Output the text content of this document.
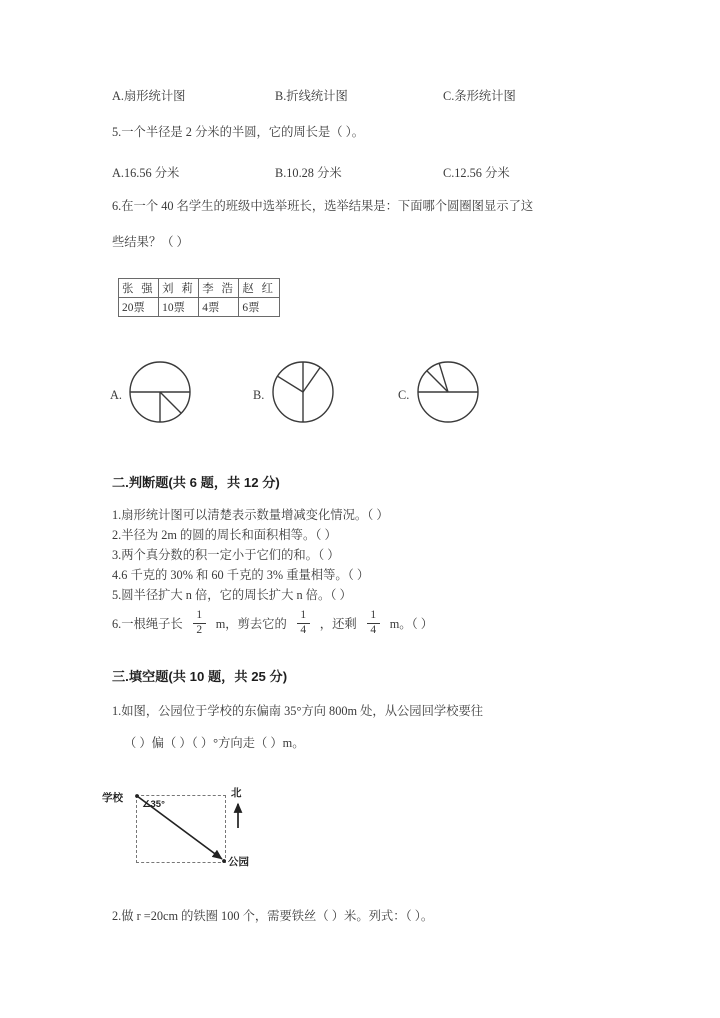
A.扇形统计图	B.折线统计图	C.条形统计图
5.一个半径是 2 分米的半圆，它的周长是（ ）。
A.16.56 分米	B.10.28 分米	C.12.56 分米
6.在一个 40 名学生的班级中选举班长，选举结果是：下面哪个圆圈图显示了这
些结果？（ ）
张 强	刘 莉	李 浩	赵 红
20票	10票	4票	6票
A.	B.	C.
二.判断题(共 6 题，共 12 分)
1.扇形统计图可以清楚表示数量增减变化情况。（ ）
2.半径为 2m 的圆的周长和面积相等。（ ）
3.两个真分数的积一定小于它们的和。（ ）
4.6 千克的 30% 和 60 千克的 3% 重量相等。（ ）
5.圆半径扩大 n 倍，它的周长扩大 n 倍。（ ）
6.一根绳子长 $\frac{1}{2}$ m，剪去它的 $\frac{1}{4}$ ，还剩 $\frac{1}{4}$ m。（ ）
三.填空题(共 10 题，共 25 分)
1.如图，公园位于学校的东偏南 35°方向 800m 处，从公园回学校要往
（ ）偏（ ）（ ）°方向走（ ）m。
学校
公园
∠35°
北
2.做 r =20cm 的铁圈 100 个，需要铁丝（ ）米。列式：（ ）。
